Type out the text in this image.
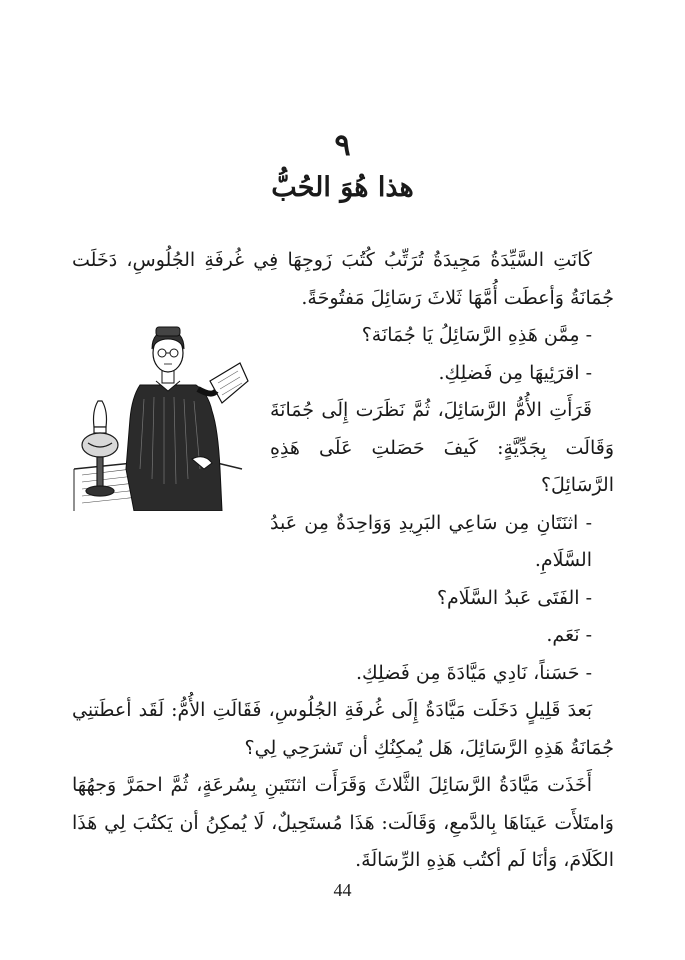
٩
هذا هُوَ الحُبُّ

كَانَتِ السَّيِّدَةُ مَجِيدَةُ تُرَتِّبُ كُتُبَ زَوجِهَا فِي غُرفَةِ الجُلُوسِ، دَخَلَت جُمَانَةُ وَأعطَت أُمَّهَا ثَلاثَ رَسَائِلَ مَفتُوحَةً.

- مِمَّن هَذِهِ الرَّسَائِلُ يَا جُمَانَة؟

- اقرَئِيهَا مِن فَضلِكِ.

قَرَأَتِ الأُمُّ الرَّسَائِلَ، ثُمَّ نَظَرَت إِلَى جُمَانَةَ وَقَالَت بِجَدِّيَّةٍ: كَيفَ حَصَلتِ عَلَى هَذِهِ الرَّسَائِلَ؟

- اثنَتَانِ مِن سَاعِي البَرِيدِ وَوَاحِدَةٌ مِن عَبدُ السَّلَامِ.

- الفَتَى عَبدُ السَّلَام؟

- نَعَم.

- حَسَناً، نَادِي مَيَّادَةَ مِن فَضلِكِ.

بَعدَ قَلِيلٍ دَخَلَت مَيَّادَةُ إِلَى غُرفَةِ الجُلُوسِ، فَقَالَتِ الأُمُّ: لَقَد أعطَتنِي جُمَانَةُ هَذِهِ الرَّسَائِلَ، هَل يُمكِنُكِ أن تَشرَحِي لِي؟

أَخَذَت مَيَّادَةُ الرَّسَائِلَ الثَّلاثَ وَقَرَأَت اثنَتَينِ بِسُرعَةٍ، ثُمَّ احمَرَّ وَجهُهَا وَامتَلأَت عَينَاهَا بِالدَّمعِ، وَقَالَت: هَذَا مُستَحِيلٌ، لَا يُمكِنُ أن يَكتُبَ لِي هَذَا الكَلَامَ، وَأنَا لَم أكتُب هَذِهِ الرِّسَالَةَ.

44
